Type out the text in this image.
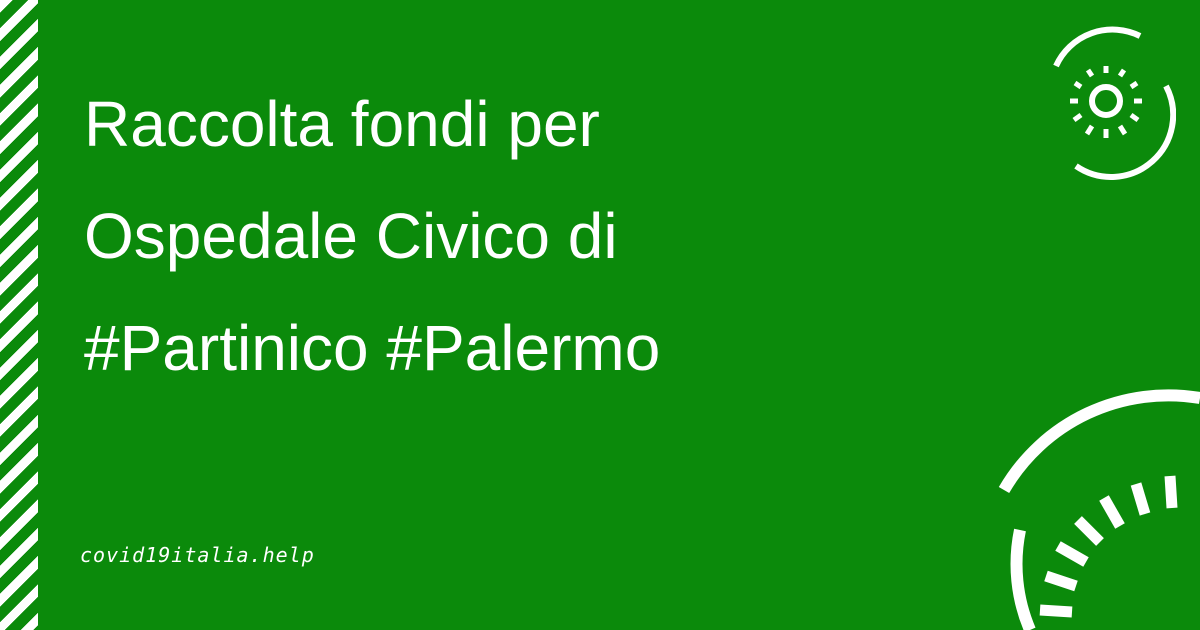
Raccolta fondi per
Ospedale Civico di
#Partinico #Palermo
covid19italia.help
